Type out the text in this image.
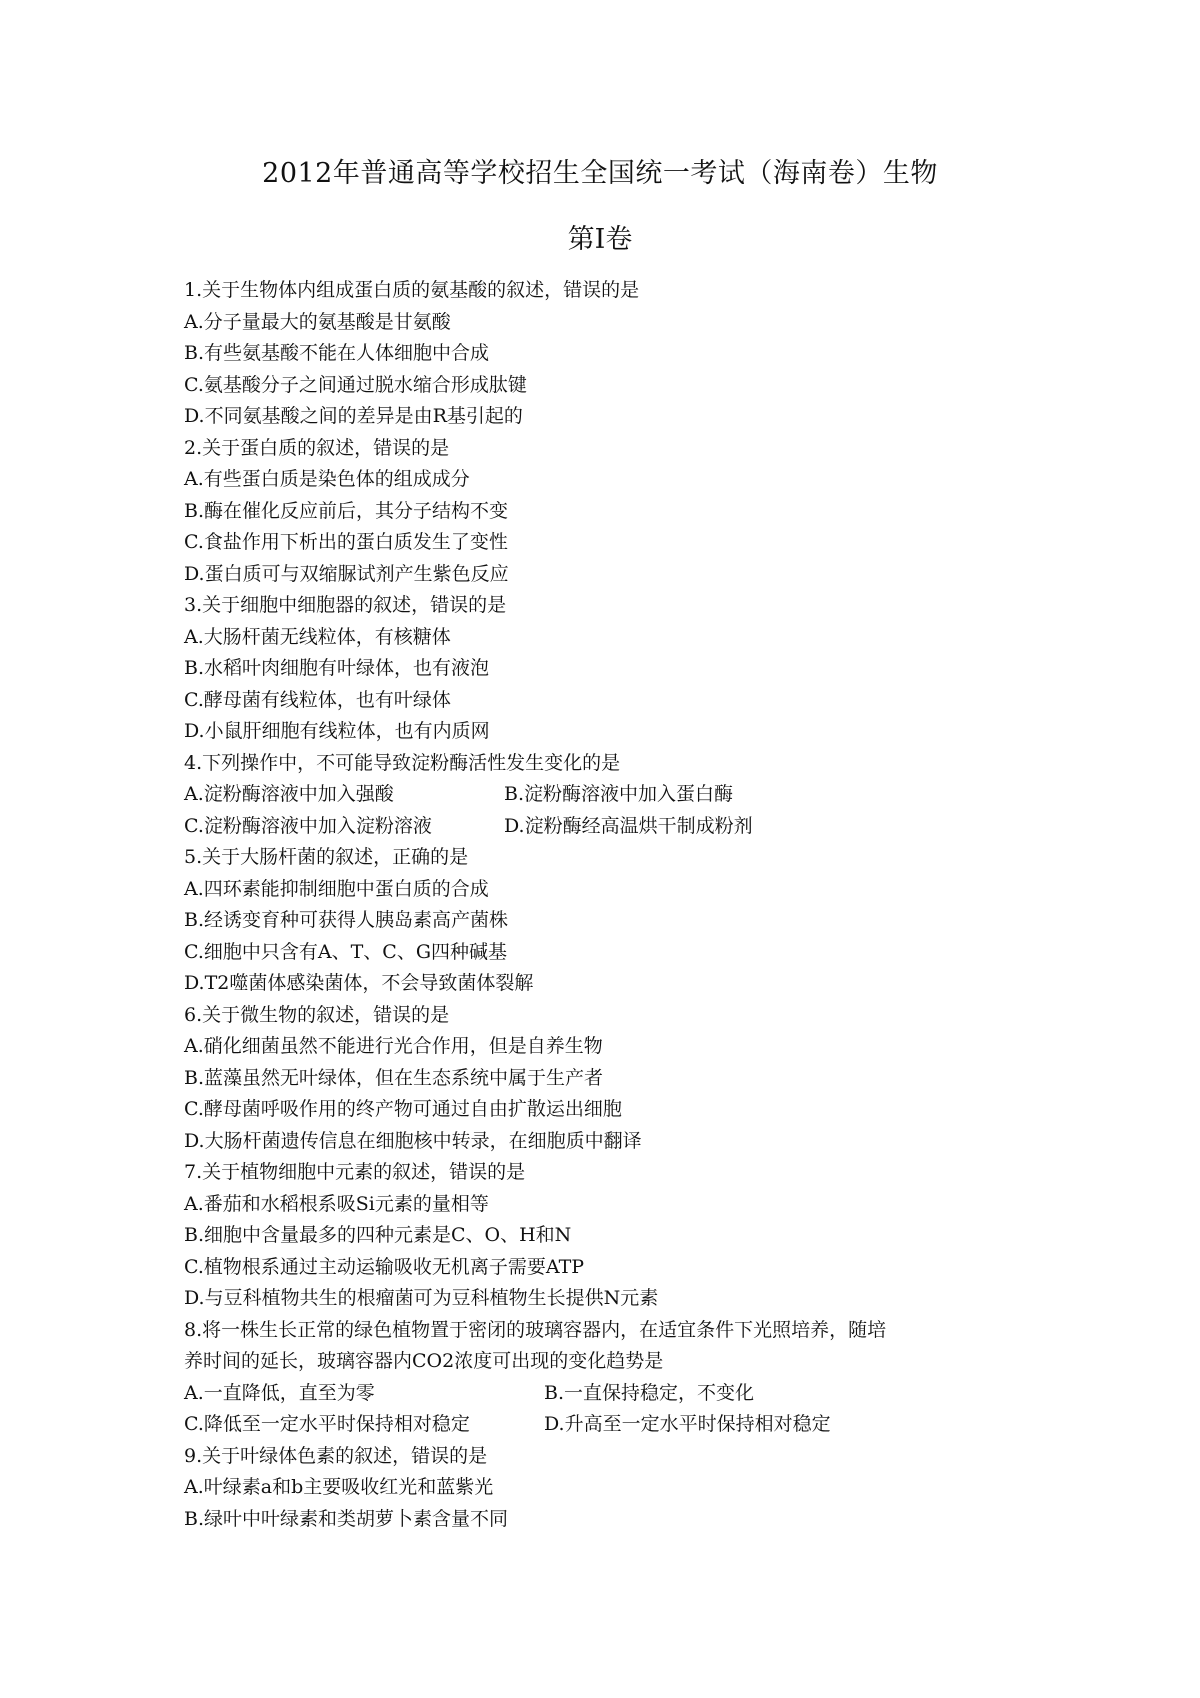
2012年普通高等学校招生全国统一考试（海南卷）生物
第I卷
1.关于生物体内组成蛋白质的氨基酸的叙述，错误的是
A.分子量最大的氨基酸是甘氨酸
B.有些氨基酸不能在人体细胞中合成
C.氨基酸分子之间通过脱水缩合形成肽键
D.不同氨基酸之间的差异是由R基引起的
2.关于蛋白质的叙述，错误的是
A.有些蛋白质是染色体的组成成分
B.酶在催化反应前后，其分子结构不变
C.食盐作用下析出的蛋白质发生了变性
D.蛋白质可与双缩脲试剂产生紫色反应
3.关于细胞中细胞器的叙述，错误的是
A.大肠杆菌无线粒体，有核糖体
B.水稻叶肉细胞有叶绿体，也有液泡
C.酵母菌有线粒体，也有叶绿体
D.小鼠肝细胞有线粒体，也有内质网
4.下列操作中，不可能导致淀粉酶活性发生变化的是
A.淀粉酶溶液中加入强酸	B.淀粉酶溶液中加入蛋白酶
C.淀粉酶溶液中加入淀粉溶液	D.淀粉酶经高温烘干制成粉剂
5.关于大肠杆菌的叙述，正确的是
A.四环素能抑制细胞中蛋白质的合成
B.经诱变育种可获得人胰岛素高产菌株
C.细胞中只含有A、T、C、G四种碱基
D.T2噬菌体感染菌体，不会导致菌体裂解
6.关于微生物的叙述，错误的是
A.硝化细菌虽然不能进行光合作用，但是自养生物
B.蓝藻虽然无叶绿体，但在生态系统中属于生产者
C.酵母菌呼吸作用的终产物可通过自由扩散运出细胞
D.大肠杆菌遗传信息在细胞核中转录，在细胞质中翻译
7.关于植物细胞中元素的叙述，错误的是
A.番茄和水稻根系吸Si元素的量相等
B.细胞中含量最多的四种元素是C、O、H和N
C.植物根系通过主动运输吸收无机离子需要ATP
D.与豆科植物共生的根瘤菌可为豆科植物生长提供N元素
8.将一株生长正常的绿色植物置于密闭的玻璃容器内，在适宜条件下光照培养，随培
养时间的延长，玻璃容器内CO2浓度可出现的变化趋势是
A.一直降低，直至为零	B.一直保持稳定，不变化
C.降低至一定水平时保持相对稳定	D.升高至一定水平时保持相对稳定
9.关于叶绿体色素的叙述，错误的是
A.叶绿素a和b主要吸收红光和蓝紫光
B.绿叶中叶绿素和类胡萝卜素含量不同
